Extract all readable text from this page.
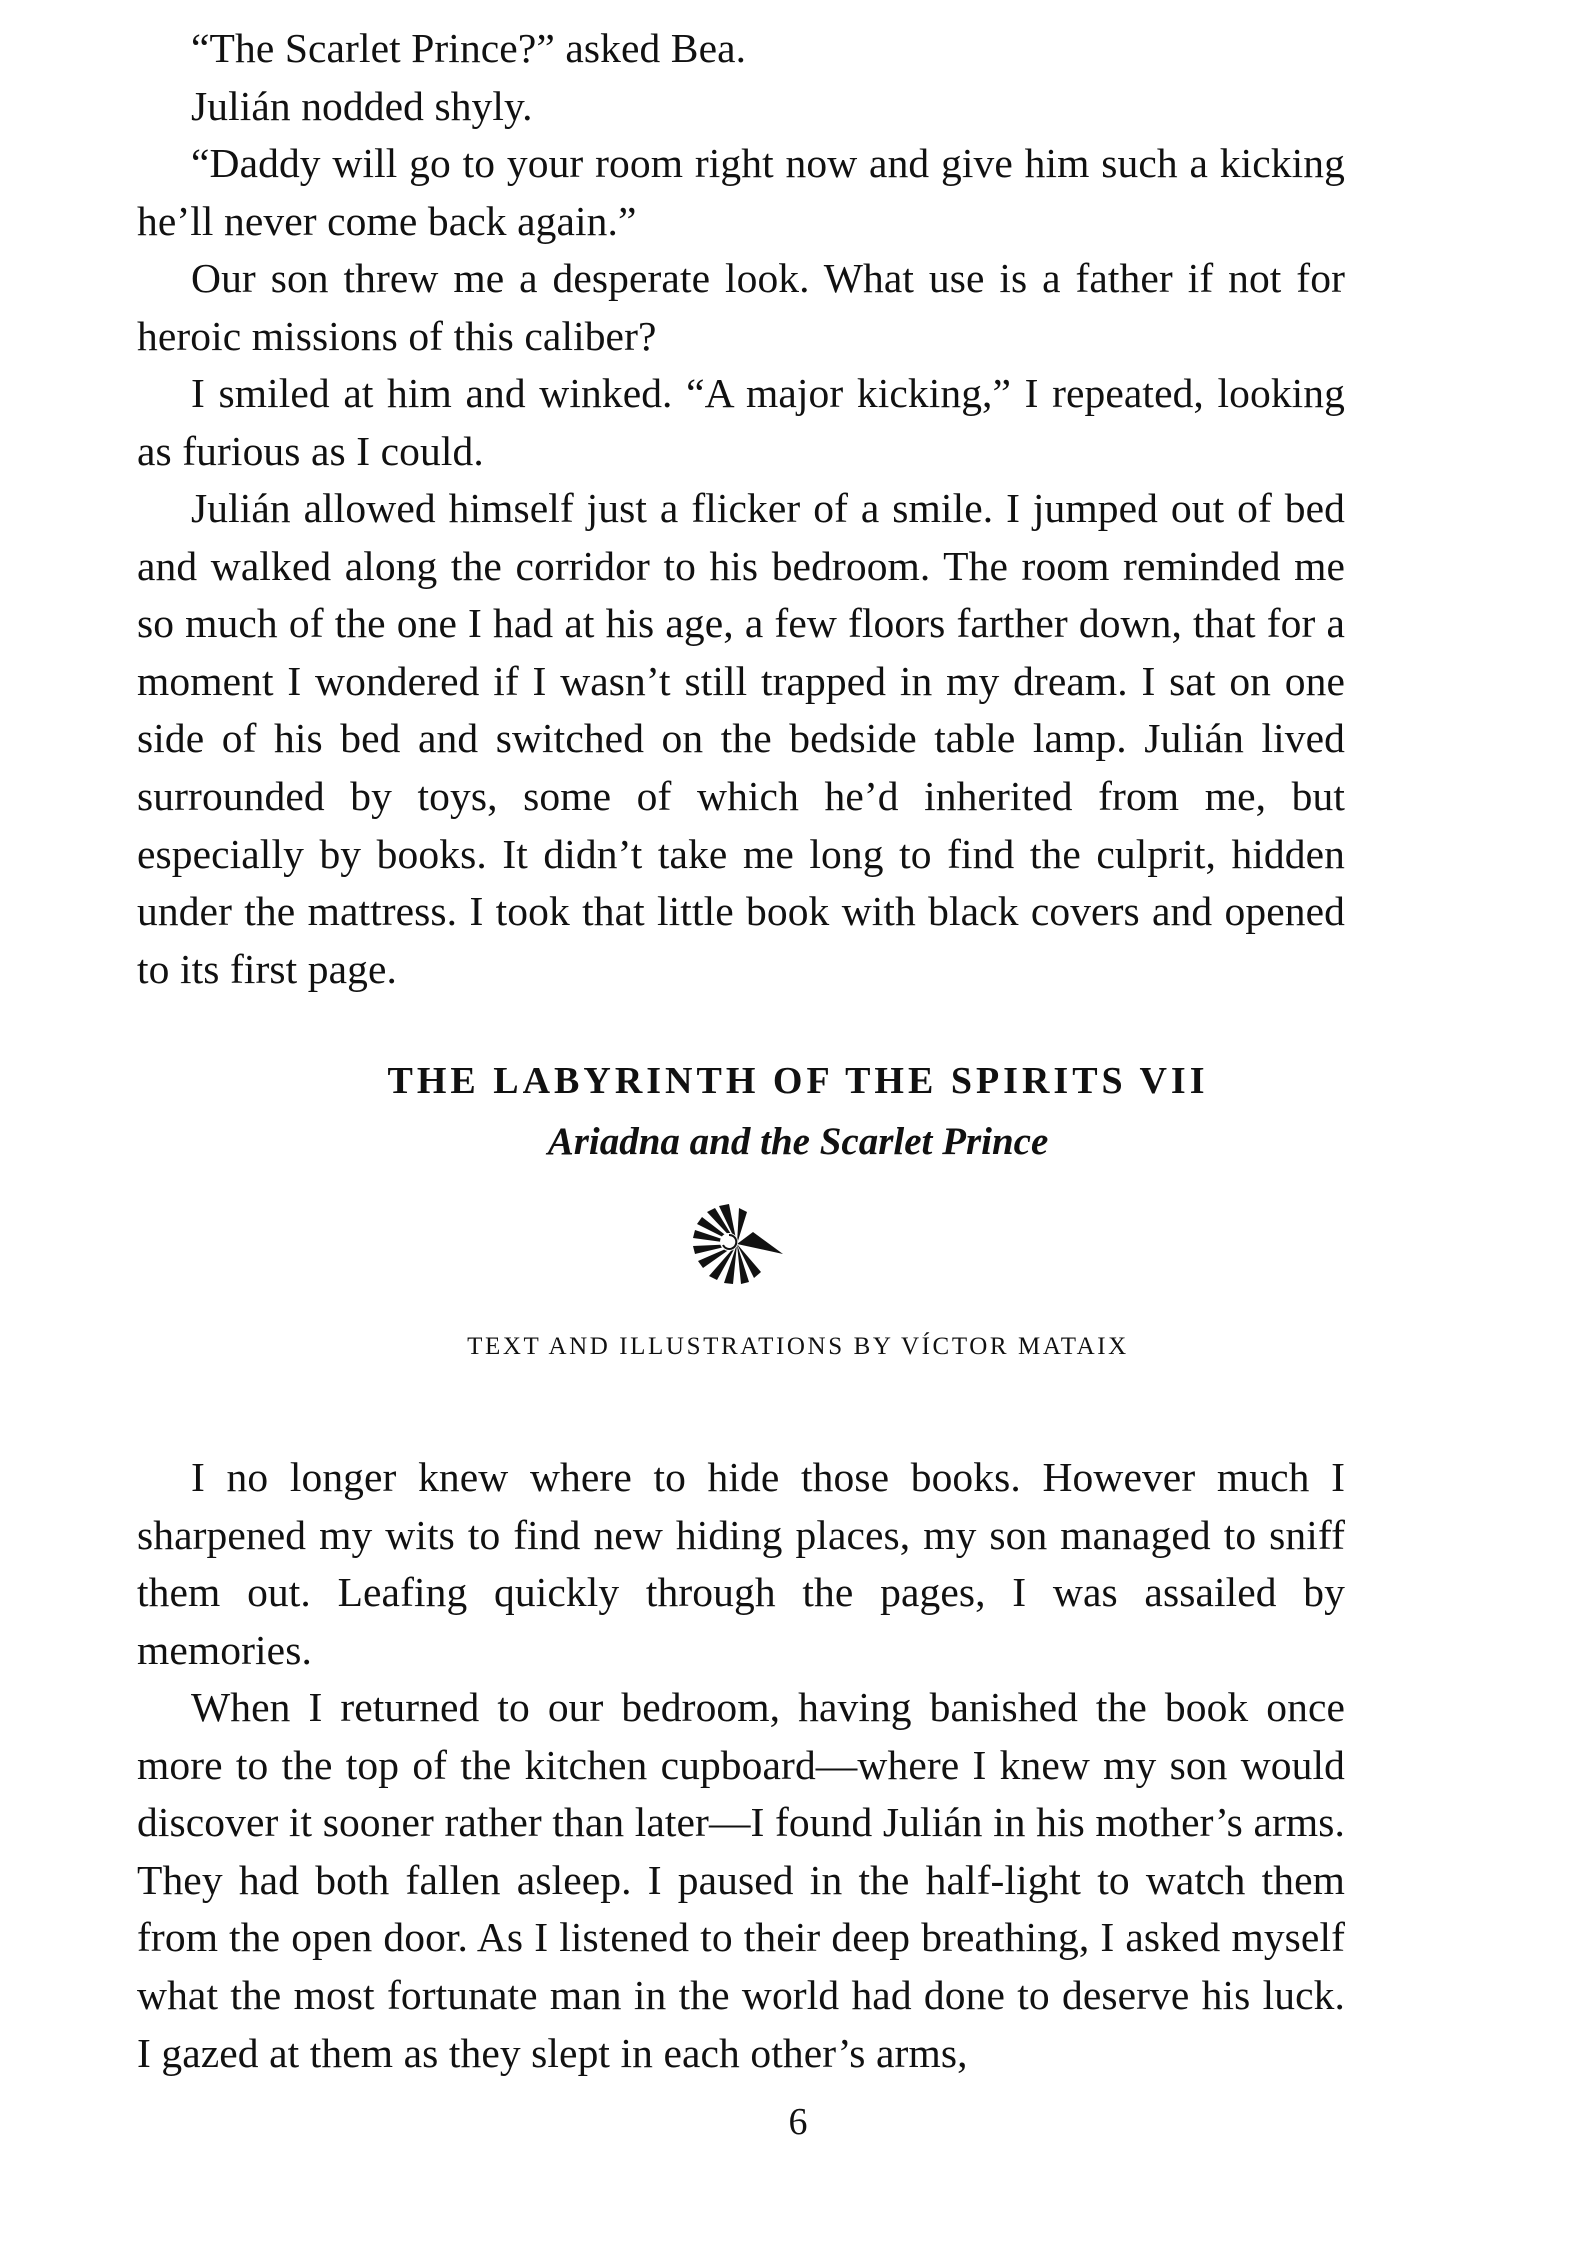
“The Scarlet Prince?” asked Bea.

Julián nodded shyly.

“Daddy will go to your room right now and give him such a kicking he’ll never come back again.”

Our son threw me a desperate look. What use is a father if not for heroic missions of this caliber?

I smiled at him and winked. “A major kicking,” I repeated, looking as furious as I could.

Julián allowed himself just a flicker of a smile. I jumped out of bed and walked along the corridor to his bedroom. The room reminded me so much of the one I had at his age, a few floors farther down, that for a moment I wondered if I wasn’t still trapped in my dream. I sat on one side of his bed and switched on the bedside table lamp. Julián lived surrounded by toys, some of which he’d inherited from me, but especially by books. It didn’t take me long to find the culprit, hidden under the mattress. I took that little book with black covers and opened to its first page.

THE LABYRINTH OF THE SPIRITS VII
Ariadna and the Scarlet Prince

TEXT AND ILLUSTRATIONS BY VÍCTOR MATAIX

I no longer knew where to hide those books. However much I sharpened my wits to find new hiding places, my son managed to sniff them out. Leafing quickly through the pages, I was assailed by memories.

When I returned to our bedroom, having banished the book once more to the top of the kitchen cupboard—where I knew my son would discover it sooner rather than later—I found Julián in his mother’s arms. They had both fallen asleep. I paused in the half-light to watch them from the open door. As I listened to their deep breathing, I asked myself what the most fortunate man in the world had done to deserve his luck. I gazed at them as they slept in each other’s arms,

6
